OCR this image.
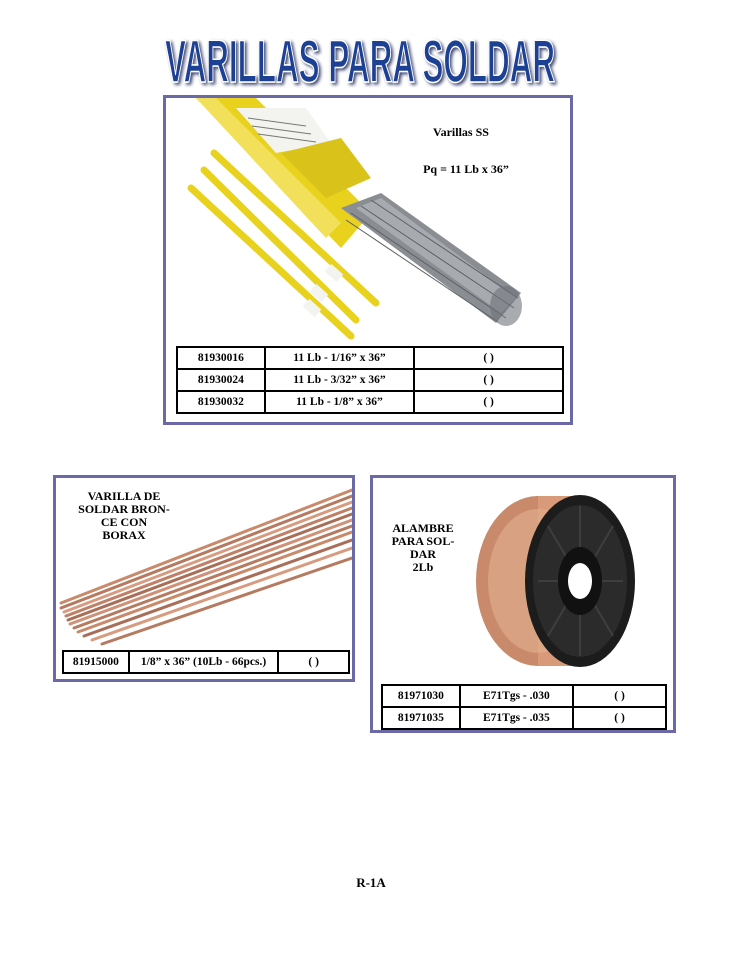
VARILLAS PARA SOLDAR
Varillas SS
Pq = 11 Lb x 36”
81930016	11 Lb - 1/16” x 36”	( )
81930024	11 Lb - 3/32” x 36”	( )
81930032	11 Lb - 1/8” x 36”	( )
VARILLA DE
SOLDAR BRON-
CE CON
BORAX
81915000	1/8” x 36” (10Lb - 66pcs.)	( )
ALAMBRE
PARA SOL-
DAR
2Lb
81971030	E71Tgs - .030	( )
81971035	E71Tgs - .035	( )
R-1A
